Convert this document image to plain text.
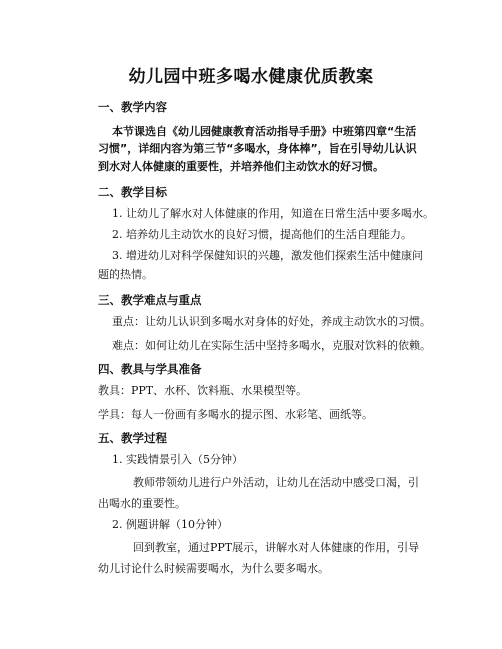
幼儿园中班多喝水健康优质教案
一、教学内容
本节课选自《幼儿园健康教育活动指导手册》中班第四章“生活
习惯”，详细内容为第三节“多喝水，身体棒”，旨在引导幼儿认识
到水对人体健康的重要性，并培养他们主动饮水的好习惯。
二、教学目标
1. 让幼儿了解水对人体健康的作用，知道在日常生活中要多喝水。
2. 培养幼儿主动饮水的良好习惯，提高他们的生活自理能力。
3. 增进幼儿对科学保健知识的兴趣，激发他们探索生活中健康问
题的热情。
三、教学难点与重点
重点：让幼儿认识到多喝水对身体的好处，养成主动饮水的习惯。
难点：如何让幼儿在实际生活中坚持多喝水，克服对饮料的依赖。
四、教具与学具准备
教具：PPT、水杯、饮料瓶、水果模型等。
学具：每人一份画有多喝水的提示图、水彩笔、画纸等。
五、教学过程
1. 实践情景引入（5分钟）
教师带领幼儿进行户外活动，让幼儿在活动中感受口渴，引
出喝水的重要性。
2. 例题讲解（10分钟）
回到教室，通过PPT展示，讲解水对人体健康的作用，引导
幼儿讨论什么时候需要喝水，为什么要多喝水。
